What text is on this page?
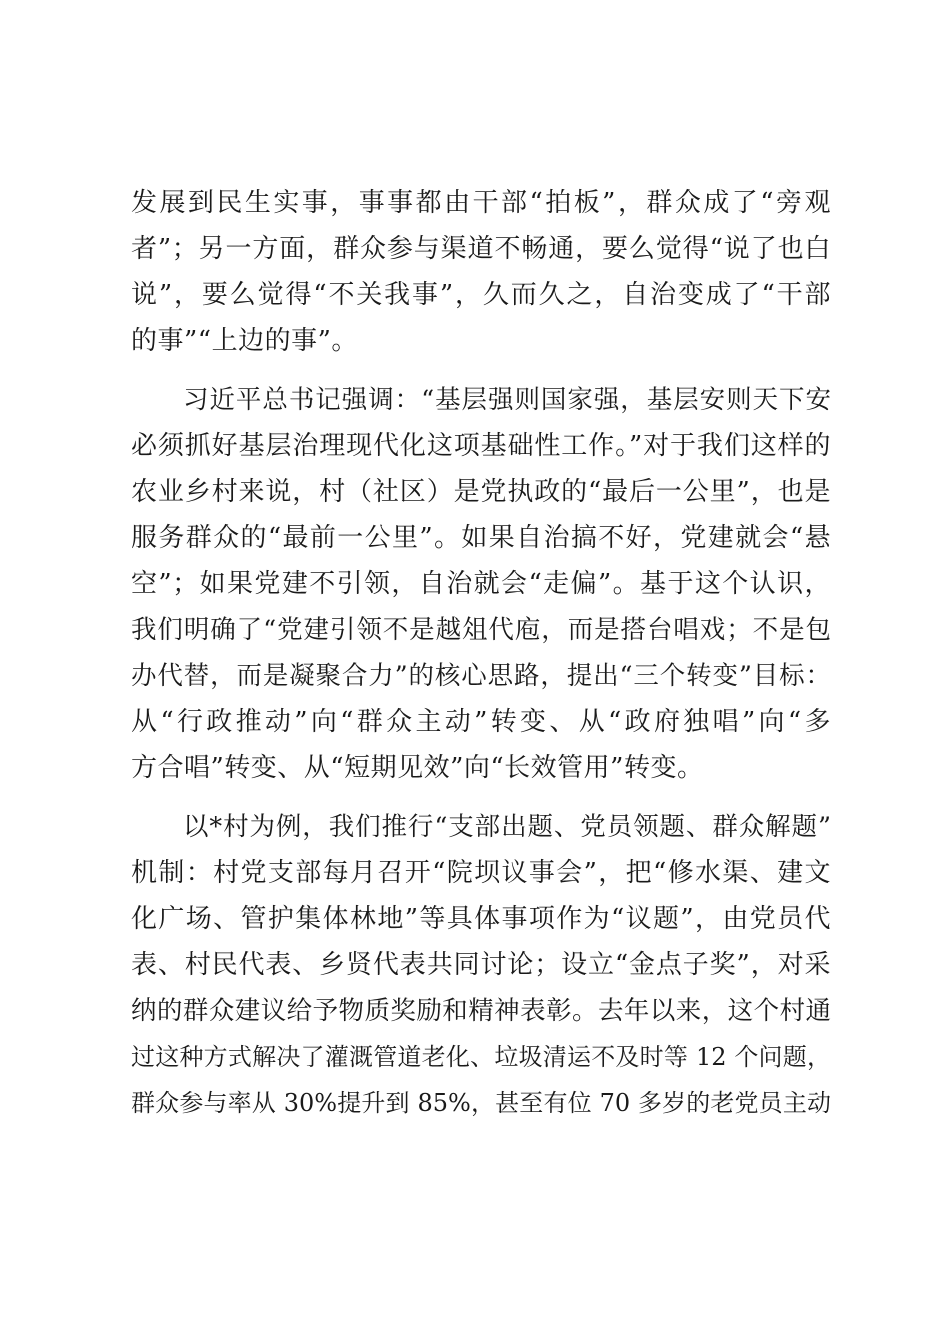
发展到民生实事，事事都由干部“拍板”，群众成了“旁观
者”；另一方面，群众参与渠道不畅通，要么觉得“说了也白
说”，要么觉得“不关我事”，久而久之，自治变成了“干部
的事”“上边的事”。
习近平总书记强调：“基层强则国家强，基层安则天下安
必须抓好基层治理现代化这项基础性工作。”对于我们这样的
农业乡村来说，村（社区）是党执政的“最后一公里”，也是
服务群众的“最前一公里”。如果自治搞不好，党建就会“悬
空”；如果党建不引领，自治就会“走偏”。基于这个认识，
我们明确了“党建引领不是越俎代庖，而是搭台唱戏；不是包
办代替，而是凝聚合力”的核心思路，提出“三个转变”目标：
从“行政推动”向“群众主动”转变、从“政府独唱”向“多
方合唱”转变、从“短期见效”向“长效管用”转变。
以*村为例，我们推行“支部出题、党员领题、群众解题”
机制：村党支部每月召开“院坝议事会”，把“修水渠、建文
化广场、管护集体林地”等具体事项作为“议题”，由党员代
表、村民代表、乡贤代表共同讨论；设立“金点子奖”，对采
纳的群众建议给予物质奖励和精神表彰。去年以来，这个村通
过这种方式解决了灌溉管道老化、垃圾清运不及时等 12 个问题，
群众参与率从 30%提升到 85%，甚至有位 70 多岁的老党员主动
